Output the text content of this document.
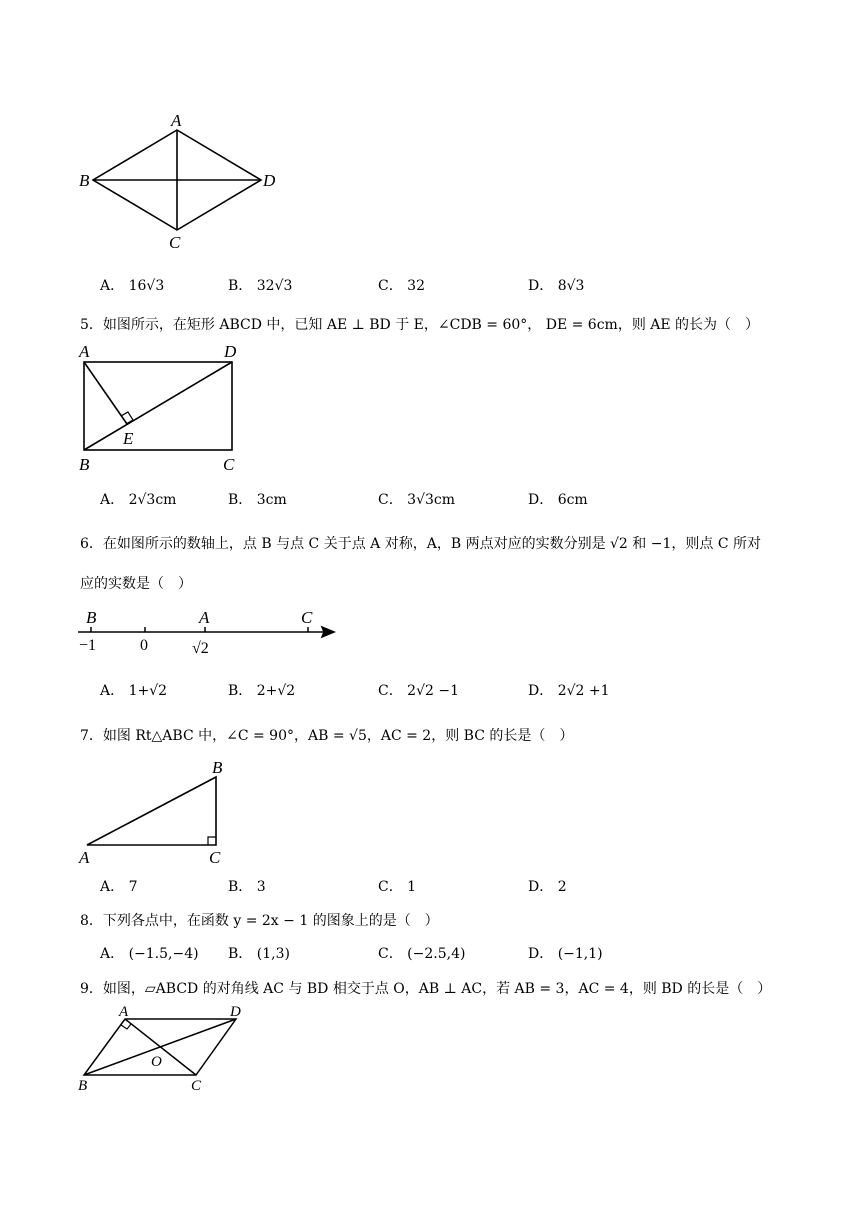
A
B
C
D
A． 16√3	B． 32√3	C． 32	D． 8√3
5．如图所示，在矩形 ABCD 中，已知 AE ⊥ BD 于 E，∠CDB = 60°， DE = 6cm，则 AE 的长为（　）
A	D
E
B	C
A． 2√3cm	B． 3cm	C． 3√3cm	D． 6cm
6．在如图所示的数轴上，点 B 与点 C 关于点 A 对称，A，B 两点对应的实数分别是 √2 和 −1，则点 C 所对
应的实数是（　）
B	A	C
−1	0	√2
A． 1+√2	B． 2+√2	C． 2√2 −1	D． 2√2 +1
7．如图 Rt△ABC 中，∠C = 90°，AB = √5，AC = 2，则 BC 的长是（　）
B
A	C
A． 7	B． 3	C． 1	D． 2
8．下列各点中，在函数 y = 2x − 1 的图象上的是（　）
A． (−1.5,−4) B． (1,3)	C． (−2.5,4)	D． (−1,1)
9．如图，▱ABCD 的对角线 AC 与 BD 相交于点 O，AB ⊥ AC，若 AB = 3，AC = 4，则 BD 的长是（　）
A	D
O
B	C
